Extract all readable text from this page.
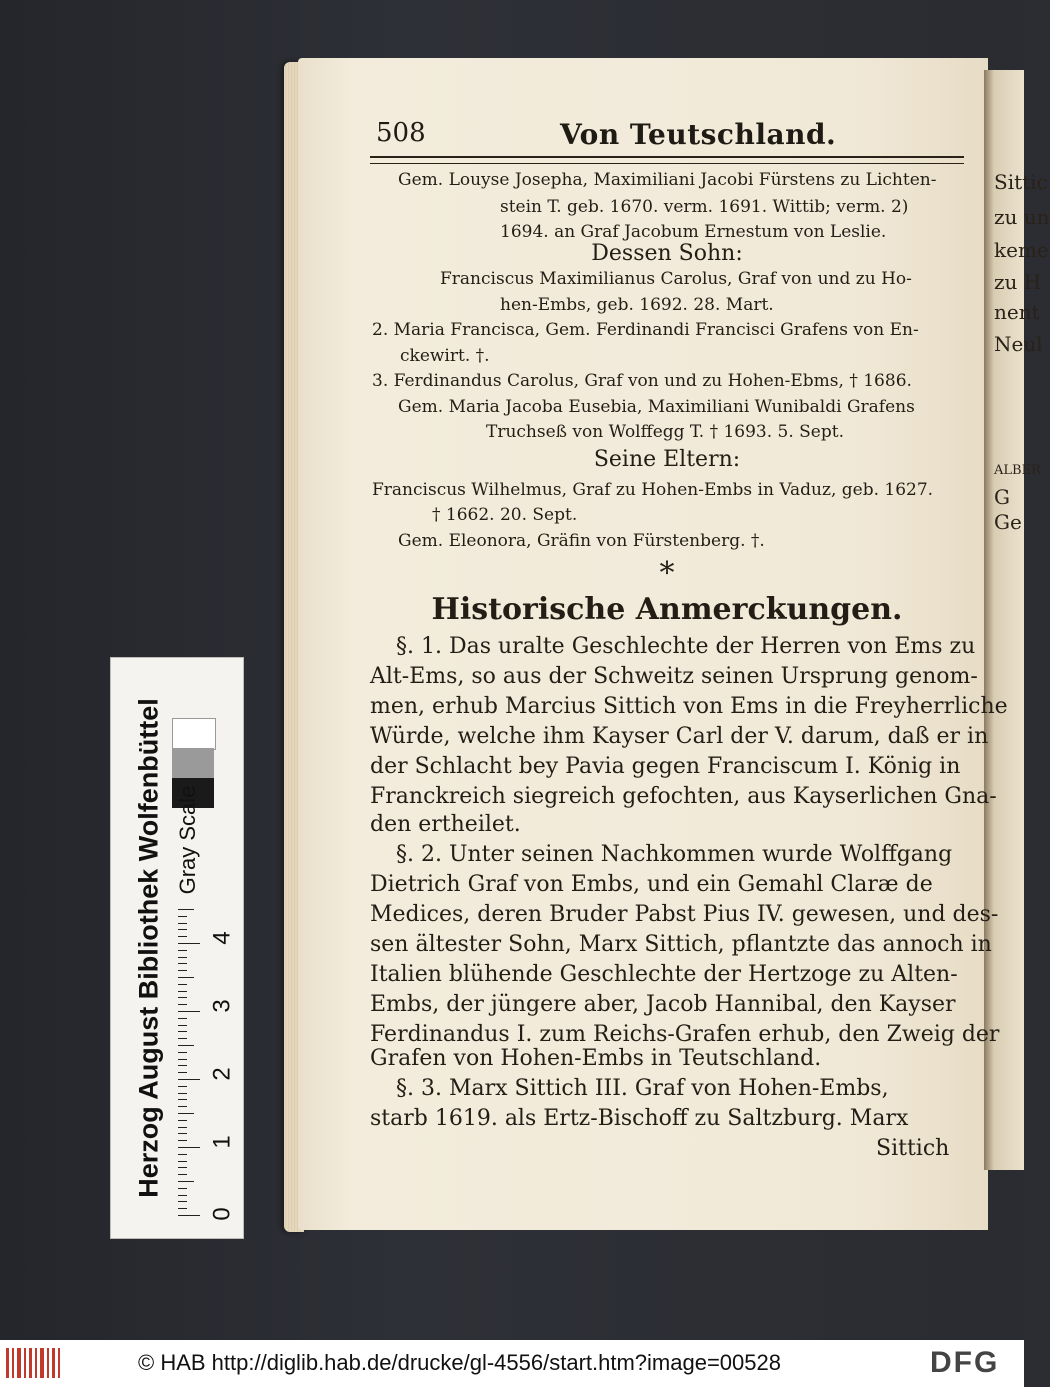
Sittic
zu un
keme
zu H
nent
Neul
ALBER
G
Ge
508	Von Teutschland.
Gem. Louyse Josepha, Maximiliani Jacobi Fürstens zu Lichten-
stein T. geb. 1670. verm. 1691. Wittib; verm. 2)
1694. an Graf Jacobum Ernestum von Leslie.
Dessen Sohn:
Franciscus Maximilianus Carolus, Graf von und zu Ho-
hen-Embs, geb. 1692. 28. Mart.
2. Maria Francisca, Gem. Ferdinandi Francisci Grafens von En-
ckewirt. †.
3. Ferdinandus Carolus, Graf von und zu Hohen-Ebms, † 1686.
Gem. Maria Jacoba Eusebia, Maximiliani Wunibaldi Grafens
Truchseß von Wolffegg T. † 1693. 5. Sept.
Seine Eltern:
Franciscus Wilhelmus, Graf zu Hohen-Embs in Vaduz, geb. 1627.
† 1662. 20. Sept.
Gem. Eleonora, Gräfin von Fürstenberg. †.
*
Historische Anmerckungen.
§. 1. Das uralte Geschlechte der Herren von Ems zu
Alt-Ems, so aus der Schweitz seinen Ursprung genom-
men, erhub Marcius Sittich von Ems in die Freyherrliche
Würde, welche ihm Kayser Carl der V. darum, daß er in
der Schlacht bey Pavia gegen Franciscum I. König in
Franckreich siegreich gefochten, aus Kayserlichen Gna-
den ertheilet.
§. 2. Unter seinen Nachkommen wurde Wolffgang
Dietrich Graf von Embs, und ein Gemahl Claræ de
Medices, deren Bruder Pabst Pius IV. gewesen, und des-
sen ältester Sohn, Marx Sittich, pflantzte das annoch in
Italien blühende Geschlechte der Hertzoge zu Alten-
Embs, der jüngere aber, Jacob Hannibal, den Kayser
Ferdinandus I. zum Reichs-Grafen erhub, den Zweig der
Grafen von Hohen-Embs in Teutschland.
§. 3. Marx Sittich III. Graf von Hohen-Embs,
starb 1619. als Ertz-Bischoff zu Saltzburg. Marx
Sittich
Herzog August Bibliothek Wolfenbüttel Gray Scale
0
1
2
3
4
© HAB http://diglib.hab.de/drucke/gl-4556/start.htm?image=00528	DFG
